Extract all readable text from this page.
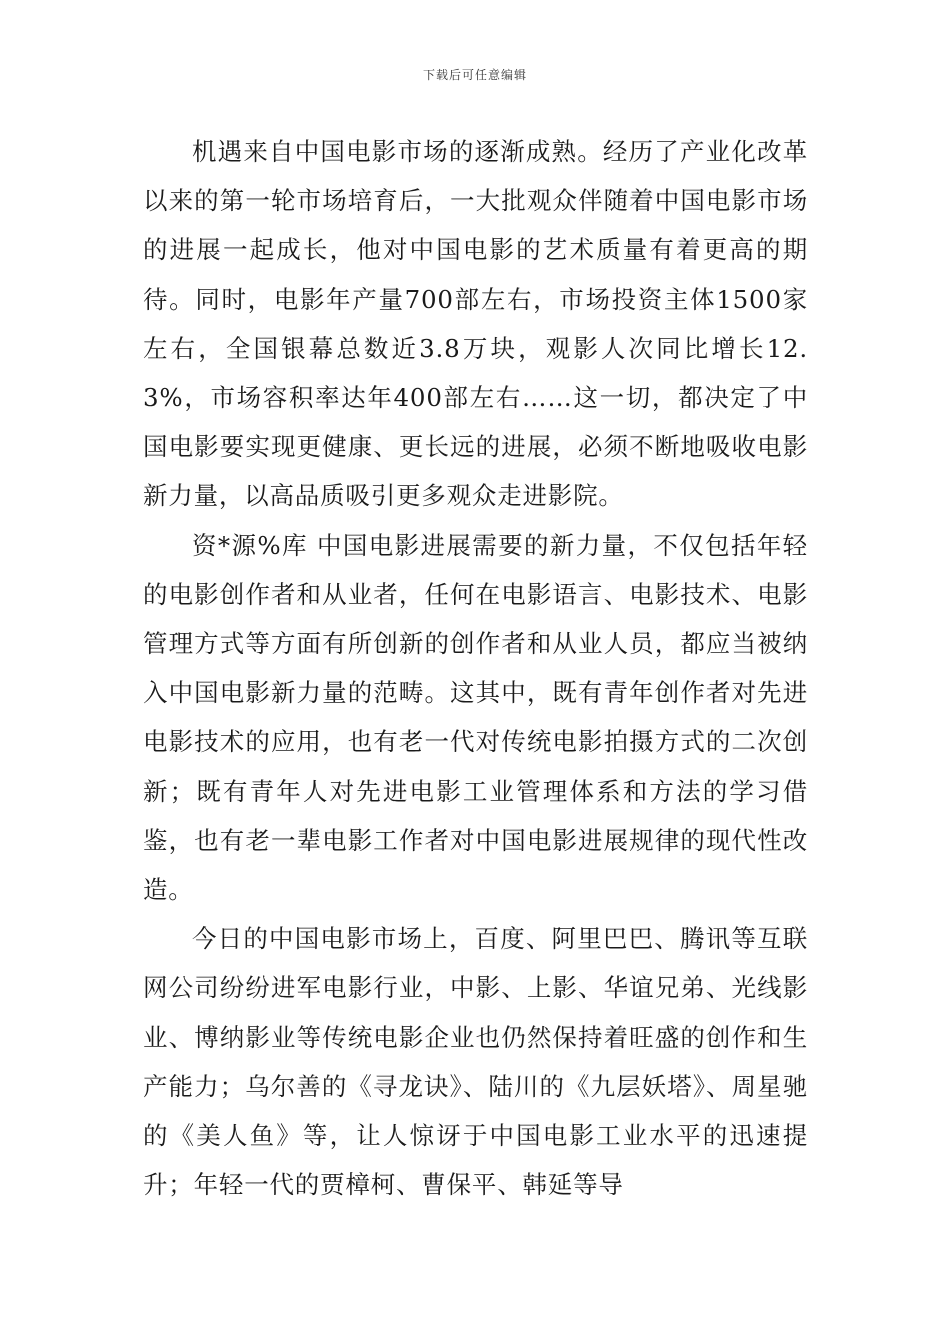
下载后可任意编辑

机遇来自中国电影市场的逐渐成熟。经历了产业化改革以来的第一轮市场培育后，一大批观众伴随着中国电影市场的进展一起成长，他对中国电影的艺术质量有着更高的期待。同时，电影年产量700部左右，市场投资主体1500家左右，全国银幕总数近3.8万块，观影人次同比增长12.3%，市场容积率达年400部左右……这一切，都决定了中国电影要实现更健康、更长远的进展，必须不断地吸收电影新力量，以高品质吸引更多观众走进影院。

资*源%库 中国电影进展需要的新力量，不仅包括年轻的电影创作者和从业者，任何在电影语言、电影技术、电影管理方式等方面有所创新的创作者和从业人员，都应当被纳入中国电影新力量的范畴。这其中，既有青年创作者对先进电影技术的应用，也有老一代对传统电影拍摄方式的二次创新；既有青年人对先进电影工业管理体系和方法的学习借鉴，也有老一辈电影工作者对中国电影进展规律的现代性改造。

今日的中国电影市场上，百度、阿里巴巴、腾讯等互联网公司纷纷进军电影行业，中影、上影、华谊兄弟、光线影业、博纳影业等传统电影企业也仍然保持着旺盛的创作和生产能力；乌尔善的《寻龙诀》、陆川的《九层妖塔》、周星驰的《美人鱼》等，让人惊讶于中国电影工业水平的迅速提升；年轻一代的贾樟柯、曹保平、韩延等导
